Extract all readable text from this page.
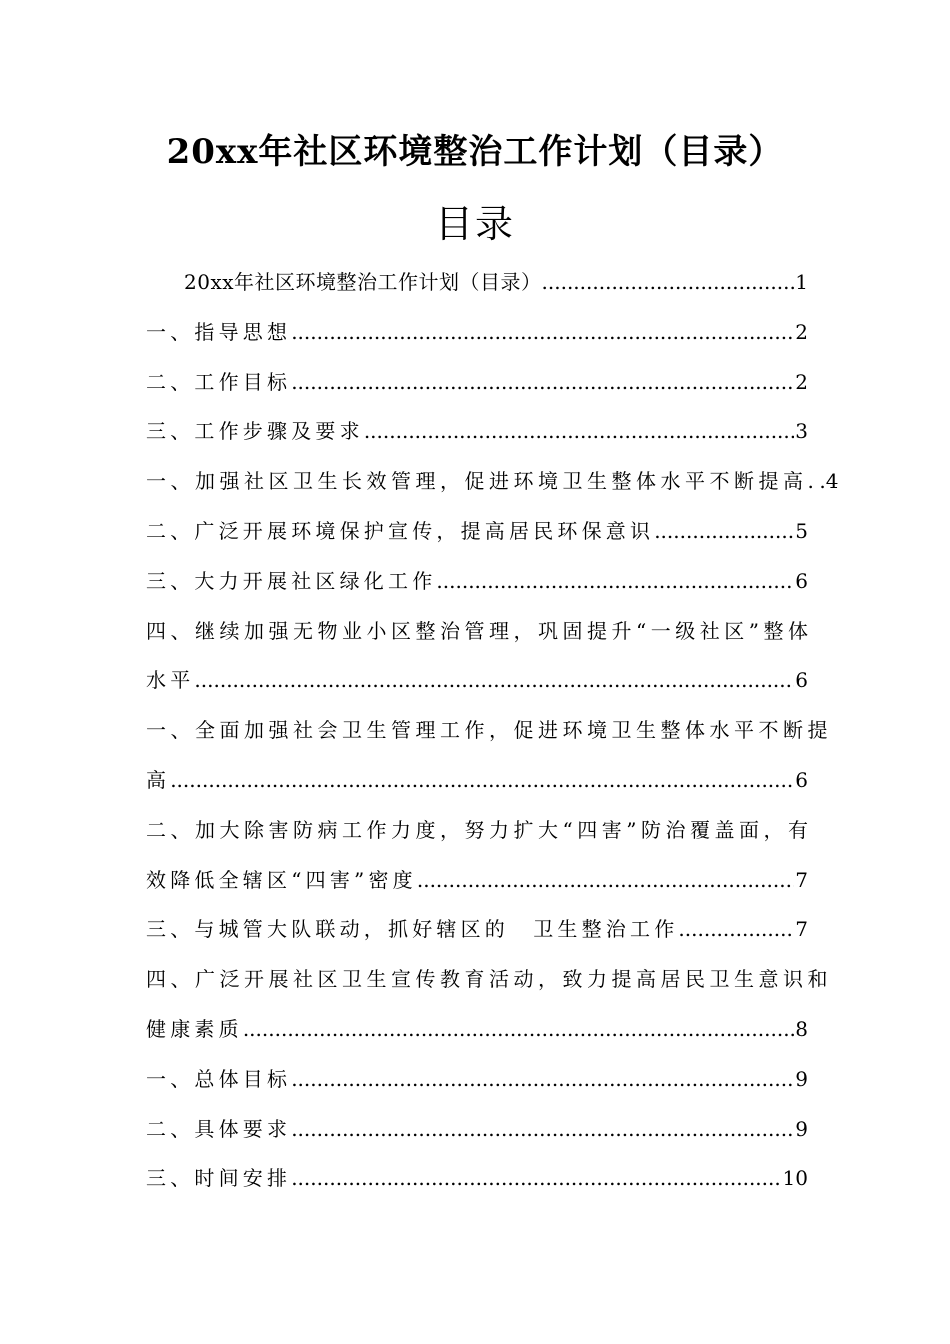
20xx年社区环境整治工作计划（目录）
目录
20xx年社区环境整治工作计划（目录） .....	1
一、指导思想 .....	2
二、工作目标 .....	2
三、工作步骤及要求 .....	3
一、加强社区卫生长效管理，促进环境卫生整体水平不断提高. .4
二、广泛开展环境保护宣传，提高居民环保意识 .....	5
三、大力开展社区绿化工作 .....	6
四、继续加强无物业小区整治管理，巩固提升“一级社区”整体
水平 .....	6
一、全面加强社会卫生管理工作，促进环境卫生整体水平不断提
高 .....	6
二、加大除害防病工作力度，努力扩大“四害”防治覆盖面，有
效降低全辖区“四害”密度 .....	7
三、与城管大队联动，抓好辖区的　卫生整治工作 .....	7
四、广泛开展社区卫生宣传教育活动，致力提高居民卫生意识和
健康素质 .....	8
一、总体目标 .....	9
二、具体要求 .....	9
三、时间安排 .....	10
